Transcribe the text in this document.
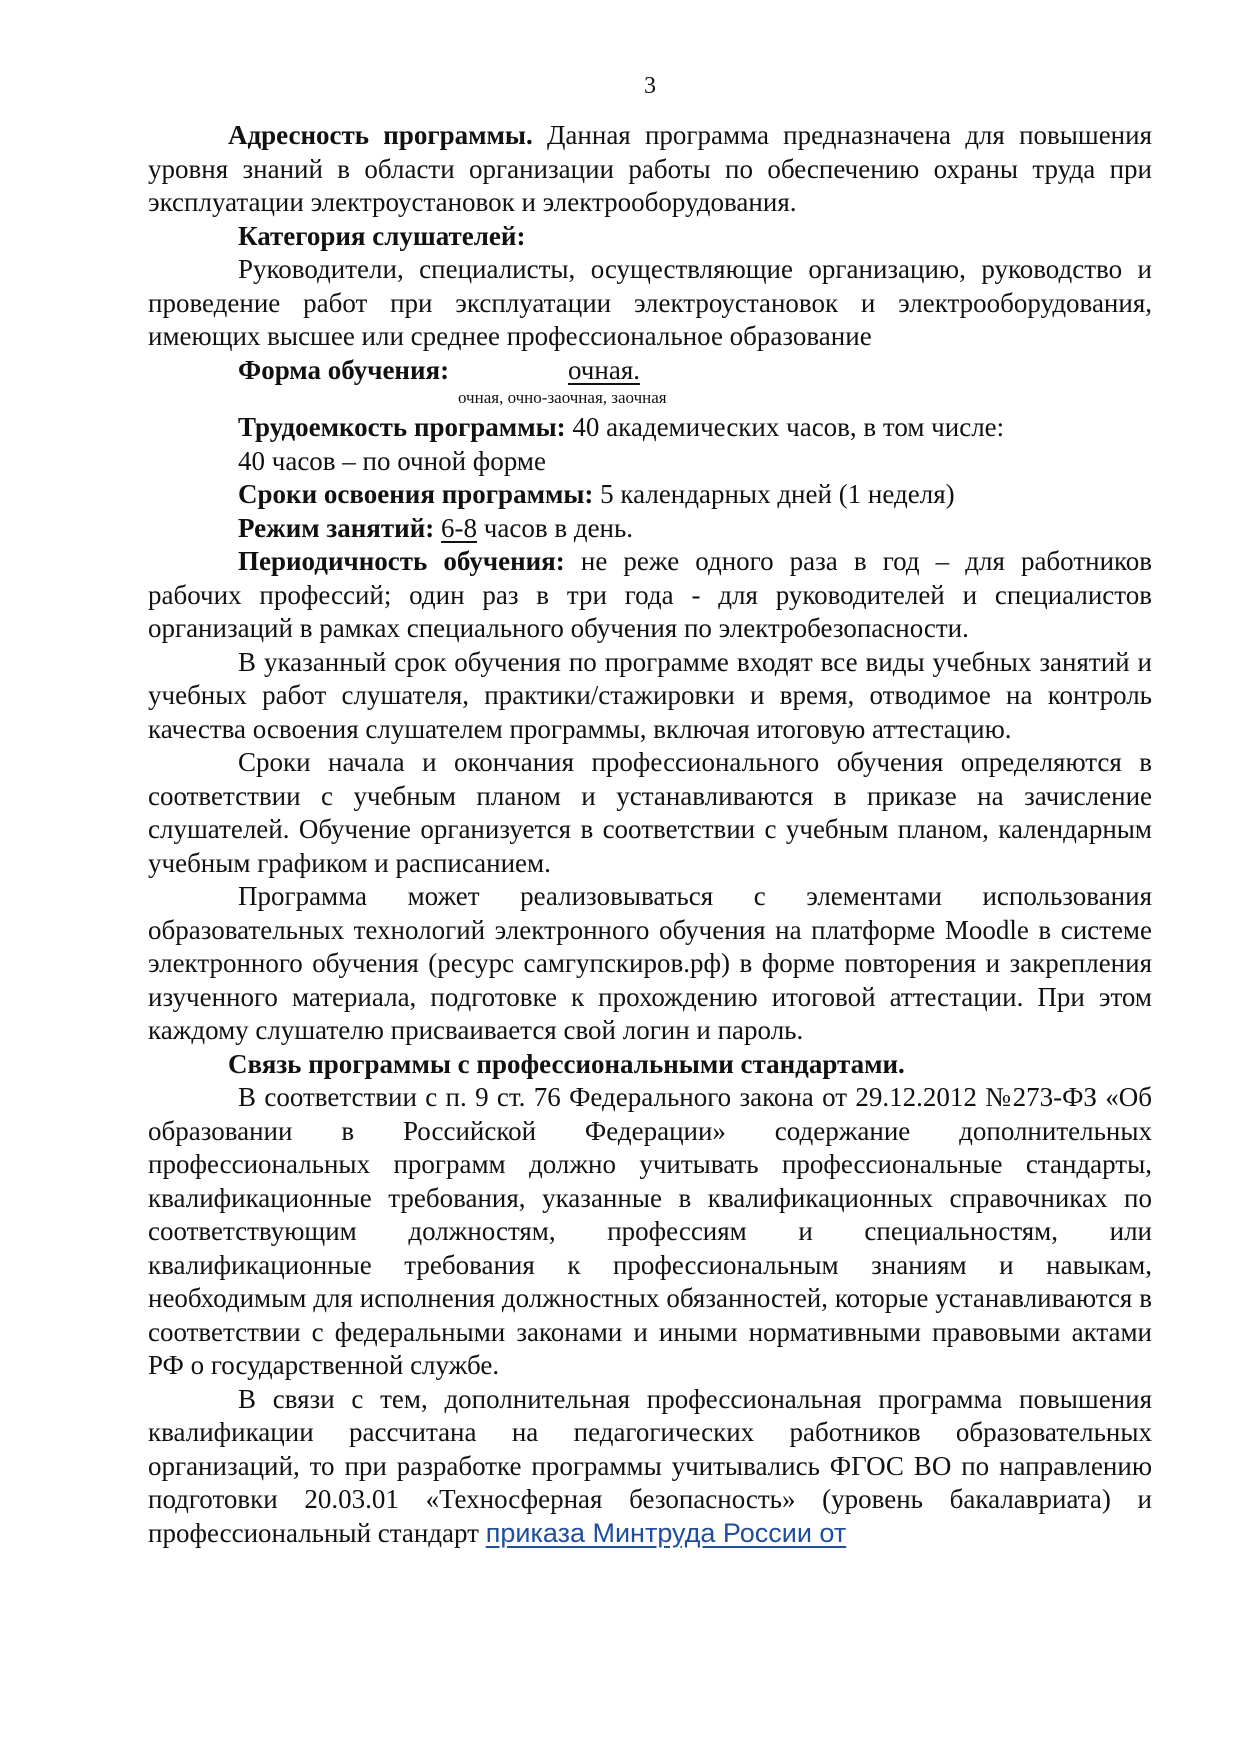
3

Адресность программы. Данная программа предназначена для повышения уровня знаний в области организации работы по обеспечению охраны труда при эксплуатации электроустановок и электрооборудования.

Категория слушателей:

Руководители, специалисты, осуществляющие организацию, руководство и проведение работ при эксплуатации электроустановок и электрооборудования, имеющих высшее или среднее профессиональное образование

Форма обучения:	очная.
очная, очно-заочная, заочная

Трудоемкость программы: 40 академических часов, в том числе:

40 часов – по очной форме

Сроки освоения программы: 5 календарных дней (1 неделя)

Режим занятий: 6-8 часов в день.

Периодичность обучения: не реже одного раза в год – для работников рабочих профессий; один раз в три года - для руководителей и специалистов организаций в рамках специального обучения по электробезопасности.

В указанный срок обучения по программе входят все виды учебных занятий и учебных работ слушателя, практики/стажировки и время, отводимое на контроль качества освоения слушателем программы, включая итоговую аттестацию.

Сроки начала и окончания профессионального обучения определяются в соответствии с учебным планом и устанавливаются в приказе на зачисление слушателей. Обучение организуется в соответствии с учебным планом, календарным учебным графиком и расписанием.

Программа может реализовываться с элементами использования образовательных технологий электронного обучения на платформе Moodle в системе электронного обучения (ресурс самгупскиров.рф) в форме повторения и закрепления изученного материала, подготовке к прохождению итоговой аттестации. При этом каждому слушателю присваивается свой логин и пароль.

Связь программы с профессиональными стандартами.

В соответствии с п. 9 ст. 76 Федерального закона от 29.12.2012 №273-ФЗ «Об образовании в Российской Федерации» содержание дополнительных профессиональных программ должно учитывать профессиональные стандарты, квалификационные требования, указанные в квалификационных справочниках по соответствующим должностям, профессиям и специальностям, или квалификационные требования к профессиональным знаниям и навыкам, необходимым для исполнения должностных обязанностей, которые устанавливаются в соответствии с федеральными законами и иными нормативными правовыми актами РФ о государственной службе.

В связи с тем, дополнительная профессиональная программа повышения квалификации рассчитана на педагогических работников образовательных организаций, то при разработке программы учитывались ФГОС ВО по направлению подготовки 20.03.01 «Техносферная безопасность» (уровень бакалавриата) и профессиональный стандарт приказа Минтруда России от
